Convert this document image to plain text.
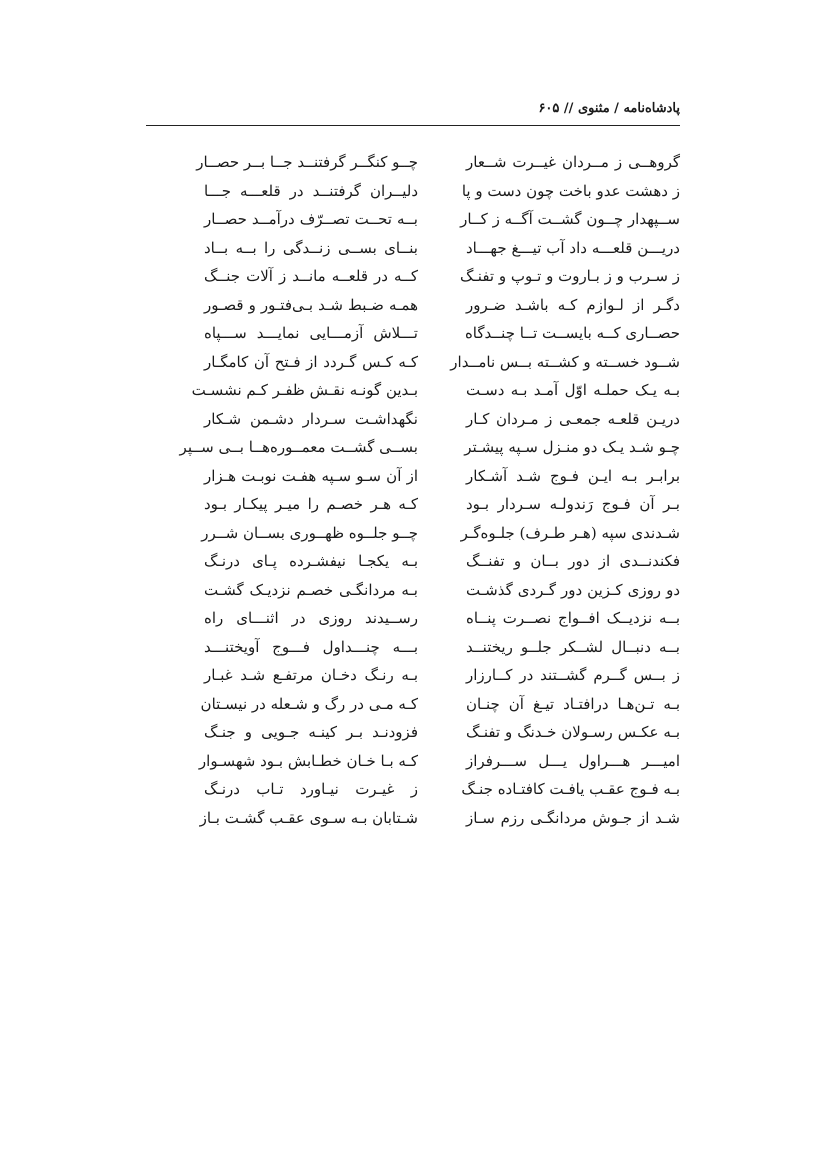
پادشاه‌نامه / مثنوی // ۶۰۵
گروهــی ز مــردان غیــرت شــعار
چــو کنگــر گرفتنــد جــا بــر حصــار
ز دهشت عدو باخت چون دست و پا
دلیــران گرفتنــد در قلعـــه جـــا
ســپهدار چــون گشــت آگــه ز کــار
بــه تحــت تصــرّف درآمــد حصــار
دریـــن قلعـــه داد آب تیـــغ جهـــاد
بنــای بســی زنــدگی را بــه بــاد
ز سـرب و ز بـاروت و تـوپ و تفنـگ
کــه در قلعــه مانــد ز آلات جنــگ
دگـر از لـوازم کـه باشـد ضـرور
همـه ضـبط شـد بـی‌فتـور و قصـور
حصــاری کــه بایســت تــا چنــدگاه
تـــلاش آزمـــایی نمایـــد ســـپاه
شــود خســته و کشــته بــس نامــدار
کـه کـس گـردد از فـتح آن کامگـار
بـه یـک حملـه اوّل آمـد بـه دسـت
بـدین گونـه نقـش ظفـر کـم نشسـت
دریـن قلعـه جمعـی ز مـردان کـار
نگهداشـت سـردار دشـمن شـکار
چـو شـد یـک دو منـزل سـپه پیشـتر
بســی گشــت معمــوره‌هــا بــی ســپر
برابـر بـه ایـن فـوج شـد آشـکار
از آن سـو سـپه هفـت نوبـت هـزار
بـر آن فـوج رَندولـه سـردار بـود
کـه هـر خصـم را میـر پیکـار بـود
شـدندی سپه (هـر طـرف) جلـوه‌گـر
چــو جلــوه ظهــوری بســان شــرر
فکندنــدی از دور بــان و تفنــگ
بـه یکجـا نیفشـرده پـای درنـگ
دو روزی کـزین دور گـردی گذشـت
بـه مردانگـی خصـم نزدیـک گشـت
بــه نزدیــک افــواج نصــرت پنــاه
رســیدند روزی در اثنـــای راه
بــه دنبــال لشــکر جلــو ریختنــد
بـــه چنـــداول فـــوج آویختنـــد
ز بــس گــرم گشــتند در کــارزار
بـه رنـگ دخـان مرتفـع شـد غبـار
بـه تـن‌هـا درافتـاد تیـغ آن چنـان
کـه مـی در رگ و شـعله در نیسـتان
بـه عکـس رسـولان خـدنگ و تفنـگ
فزودنـد بـر کینـه جـویی و جنـگ
امیـــر هـــراول یـــل ســـرفراز
کـه بـا خـان خطـابش بـود شهسـوار
بـه فـوج عقـب یافـت کافتـاده جنـگ
ز غیـرت نیـاورد تـاب درنـگ
شـد از جـوش مردانگـی رزم سـاز
شـتابان بـه سـوی عقـب گشـت بـاز
